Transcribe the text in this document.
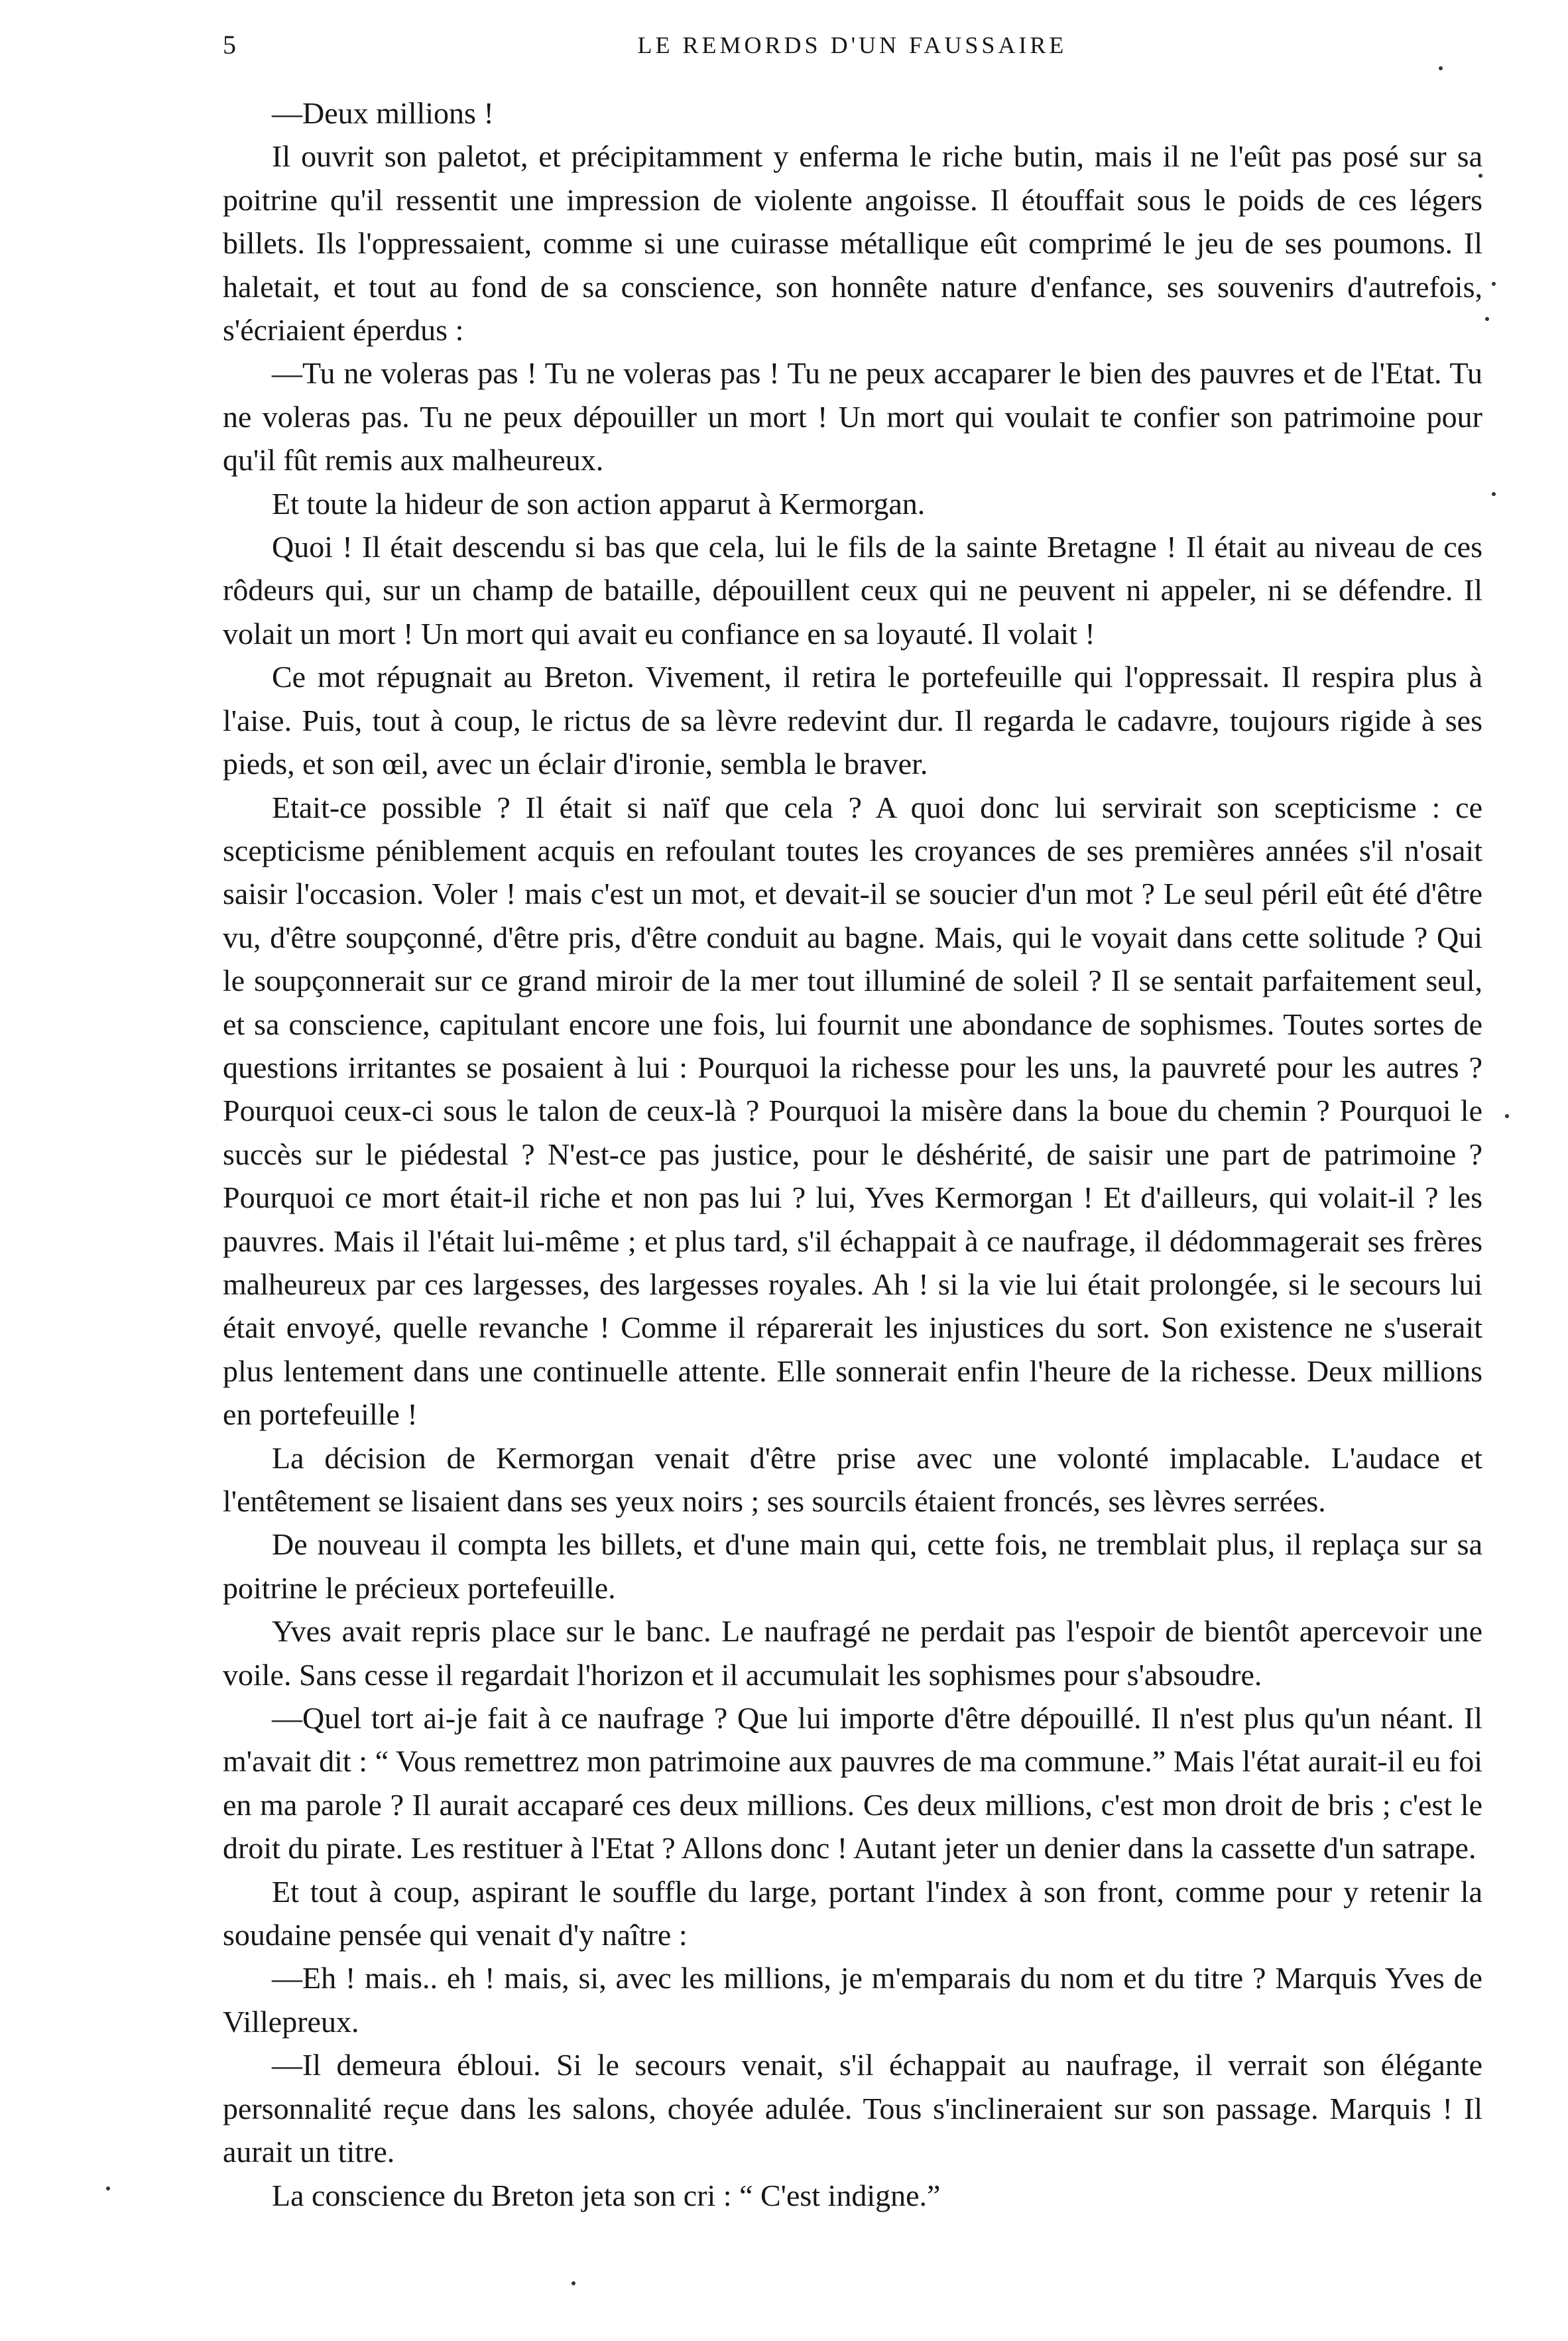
5	LE REMORDS D'UN FAUSSAIRE

—Deux millions !

Il ouvrit son paletot, et précipitamment y enferma le riche butin, mais il ne l'eût pas posé sur sa poitrine qu'il ressentit une impression de violente angoisse. Il étouffait sous le poids de ces légers billets. Ils l'oppressaient, comme si une cuirasse métallique eût comprimé le jeu de ses poumons. Il haletait, et tout au fond de sa conscience, son honnête nature d'enfance, ses souvenirs d'autrefois, s'écriaient éperdus :

—Tu ne voleras pas ! Tu ne voleras pas ! Tu ne peux accaparer le bien des pauvres et de l'Etat. Tu ne voleras pas. Tu ne peux dépouiller un mort ! Un mort qui voulait te confier son patrimoine pour qu'il fût remis aux malheureux.

Et toute la hideur de son action apparut à Kermorgan.

Quoi ! Il était descendu si bas que cela, lui le fils de la sainte Bretagne ! Il était au niveau de ces rôdeurs qui, sur un champ de bataille, dépouillent ceux qui ne peuvent ni appeler, ni se défendre. Il volait un mort ! Un mort qui avait eu confiance en sa loyauté. Il volait !

Ce mot répugnait au Breton. Vivement, il retira le portefeuille qui l'oppressait. Il respira plus à l'aise. Puis, tout à coup, le rictus de sa lèvre redevint dur. Il regarda le cadavre, toujours rigide à ses pieds, et son œil, avec un éclair d'ironie, sembla le braver.

Etait-ce possible ? Il était si naïf que cela ? A quoi donc lui servirait son scepticisme : ce scepticisme péniblement acquis en refoulant toutes les croyances de ses premières années s'il n'osait saisir l'occasion. Voler ! mais c'est un mot, et devait-il se soucier d'un mot ? Le seul péril eût été d'être vu, d'être soupçonné, d'être pris, d'être conduit au bagne. Mais, qui le voyait dans cette solitude ? Qui le soupçonnerait sur ce grand miroir de la mer tout illuminé de soleil ? Il se sentait parfaitement seul, et sa conscience, capitulant encore une fois, lui fournit une abondance de sophismes. Toutes sortes de questions irritantes se posaient à lui : Pourquoi la richesse pour les uns, la pauvreté pour les autres ? Pourquoi ceux-ci sous le talon de ceux-là ? Pourquoi la misère dans la boue du chemin ? Pourquoi le succès sur le piédestal ? N'est-ce pas justice, pour le déshérité, de saisir une part de patrimoine ? Pourquoi ce mort était-il riche et non pas lui ? lui, Yves Kermorgan ! Et d'ailleurs, qui volait-il ? les pauvres. Mais il l'était lui-même ; et plus tard, s'il échappait à ce naufrage, il dédommagerait ses frères malheureux par ces largesses, des largesses royales. Ah ! si la vie lui était prolongée, si le secours lui était envoyé, quelle revanche ! Comme il réparerait les injustices du sort. Son existence ne s'userait plus lentement dans une continuelle attente. Elle sonnerait enfin l'heure de la richesse. Deux millions en portefeuille !

La décision de Kermorgan venait d'être prise avec une volonté implacable. L'audace et l'entêtement se lisaient dans ses yeux noirs ; ses sourcils étaient froncés, ses lèvres serrées.

De nouveau il compta les billets, et d'une main qui, cette fois, ne tremblait plus, il replaça sur sa poitrine le précieux portefeuille.

Yves avait repris place sur le banc. Le naufragé ne perdait pas l'espoir de bientôt apercevoir une voile. Sans cesse il regardait l'horizon et il accumulait les sophismes pour s'absoudre.

—Quel tort ai-je fait à ce naufrage ? Que lui importe d'être dépouillé. Il n'est plus qu'un néant. Il m'avait dit : “ Vous remettrez mon patrimoine aux pauvres de ma commune.” Mais l'état aurait-il eu foi en ma parole ? Il aurait accaparé ces deux millions. Ces deux millions, c'est mon droit de bris ; c'est le droit du pirate. Les restituer à l'Etat ? Allons donc ! Autant jeter un denier dans la cassette d'un satrape.

Et tout à coup, aspirant le souffle du large, portant l'index à son front, comme pour y retenir la soudaine pensée qui venait d'y naître :

—Eh ! mais.. eh ! mais, si, avec les millions, je m'emparais du nom et du titre ? Marquis Yves de Villepreux.

—Il demeura ébloui. Si le secours venait, s'il échappait au naufrage, il verrait son élégante personnalité reçue dans les salons, choyée adulée. Tous s'inclineraient sur son passage. Marquis ! Il aurait un titre.

La conscience du Breton jeta son cri : “ C'est indigne.”
